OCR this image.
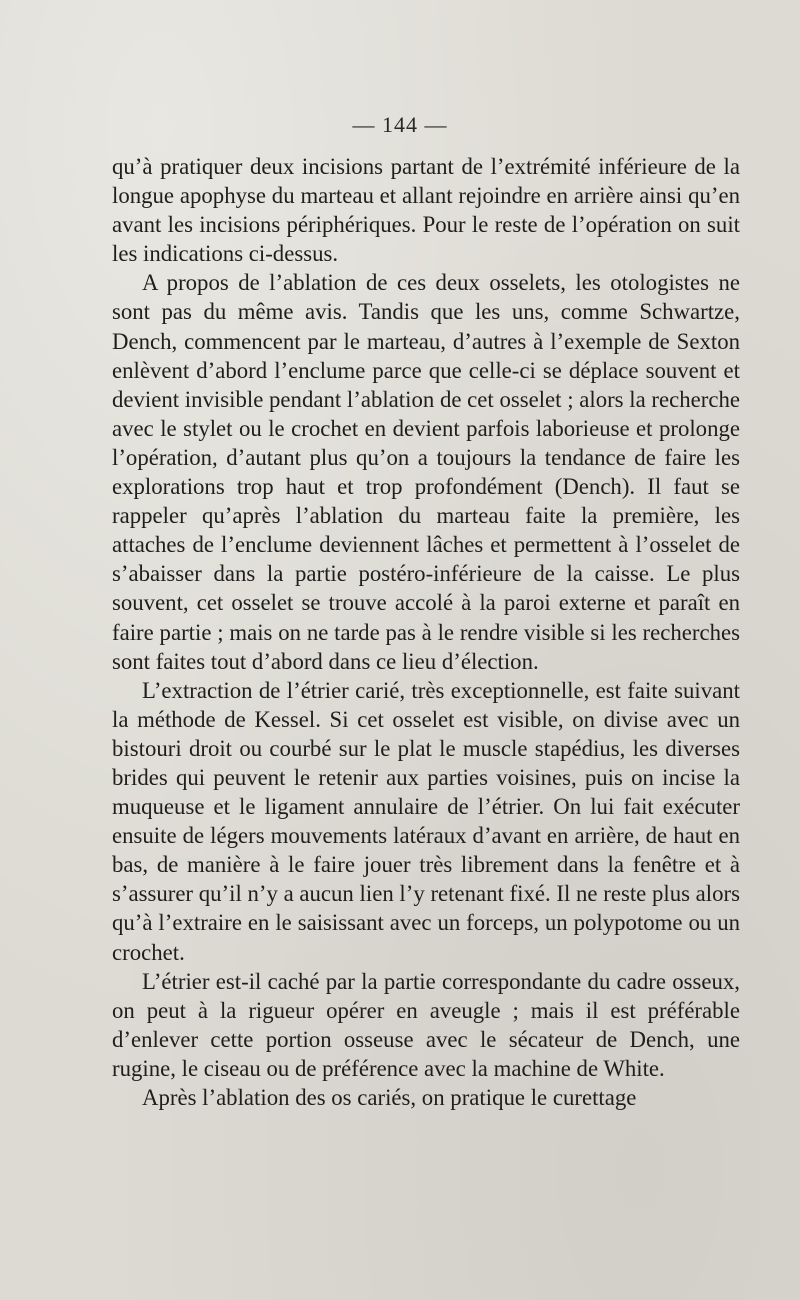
— 144 —

qu’à pratiquer deux incisions partant de l’extrémité inférieure de la longue apophyse du marteau et allant rejoindre en arrière ainsi qu’en avant les incisions périphériques. Pour le reste de l’opération on suit les indications ci-dessus.

A propos de l’ablation de ces deux osselets, les otologistes ne sont pas du même avis. Tandis que les uns, comme Schwartze, Dench, commencent par le marteau, d’autres à l’exemple de Sexton enlèvent d’abord l’enclume parce que celle-ci se déplace souvent et devient invisible pendant l’ablation de cet osselet ; alors la recherche avec le stylet ou le crochet en devient parfois laborieuse et prolonge l’opération, d’autant plus qu’on a toujours la tendance de faire les explorations trop haut et trop profondément (Dench). Il faut se rappeler qu’après l’ablation du marteau faite la première, les attaches de l’enclume deviennent lâches et permettent à l’osselet de s’abaisser dans la partie postéro-inférieure de la caisse. Le plus souvent, cet osselet se trouve accolé à la paroi externe et paraît en faire partie ; mais on ne tarde pas à le rendre visible si les recherches sont faites tout d’abord dans ce lieu d’élection.

L’extraction de l’étrier carié, très exceptionnelle, est faite suivant la méthode de Kessel. Si cet osselet est visible, on divise avec un bistouri droit ou courbé sur le plat le muscle stapédius, les diverses brides qui peuvent le retenir aux parties voisines, puis on incise la muqueuse et le ligament annulaire de l’étrier. On lui fait exécuter ensuite de légers mouvements latéraux d’avant en arrière, de haut en bas, de manière à le faire jouer très librement dans la fenêtre et à s’assurer qu’il n’y a aucun lien l’y retenant fixé. Il ne reste plus alors qu’à l’extraire en le saisissant avec un forceps, un polypotome ou un crochet.

L’étrier est-il caché par la partie correspondante du cadre osseux, on peut à la rigueur opérer en aveugle ; mais il est préférable d’enlever cette portion osseuse avec le sécateur de Dench, une rugine, le ciseau ou de préférence avec la machine de White.

Après l’ablation des os cariés, on pratique le curettage
